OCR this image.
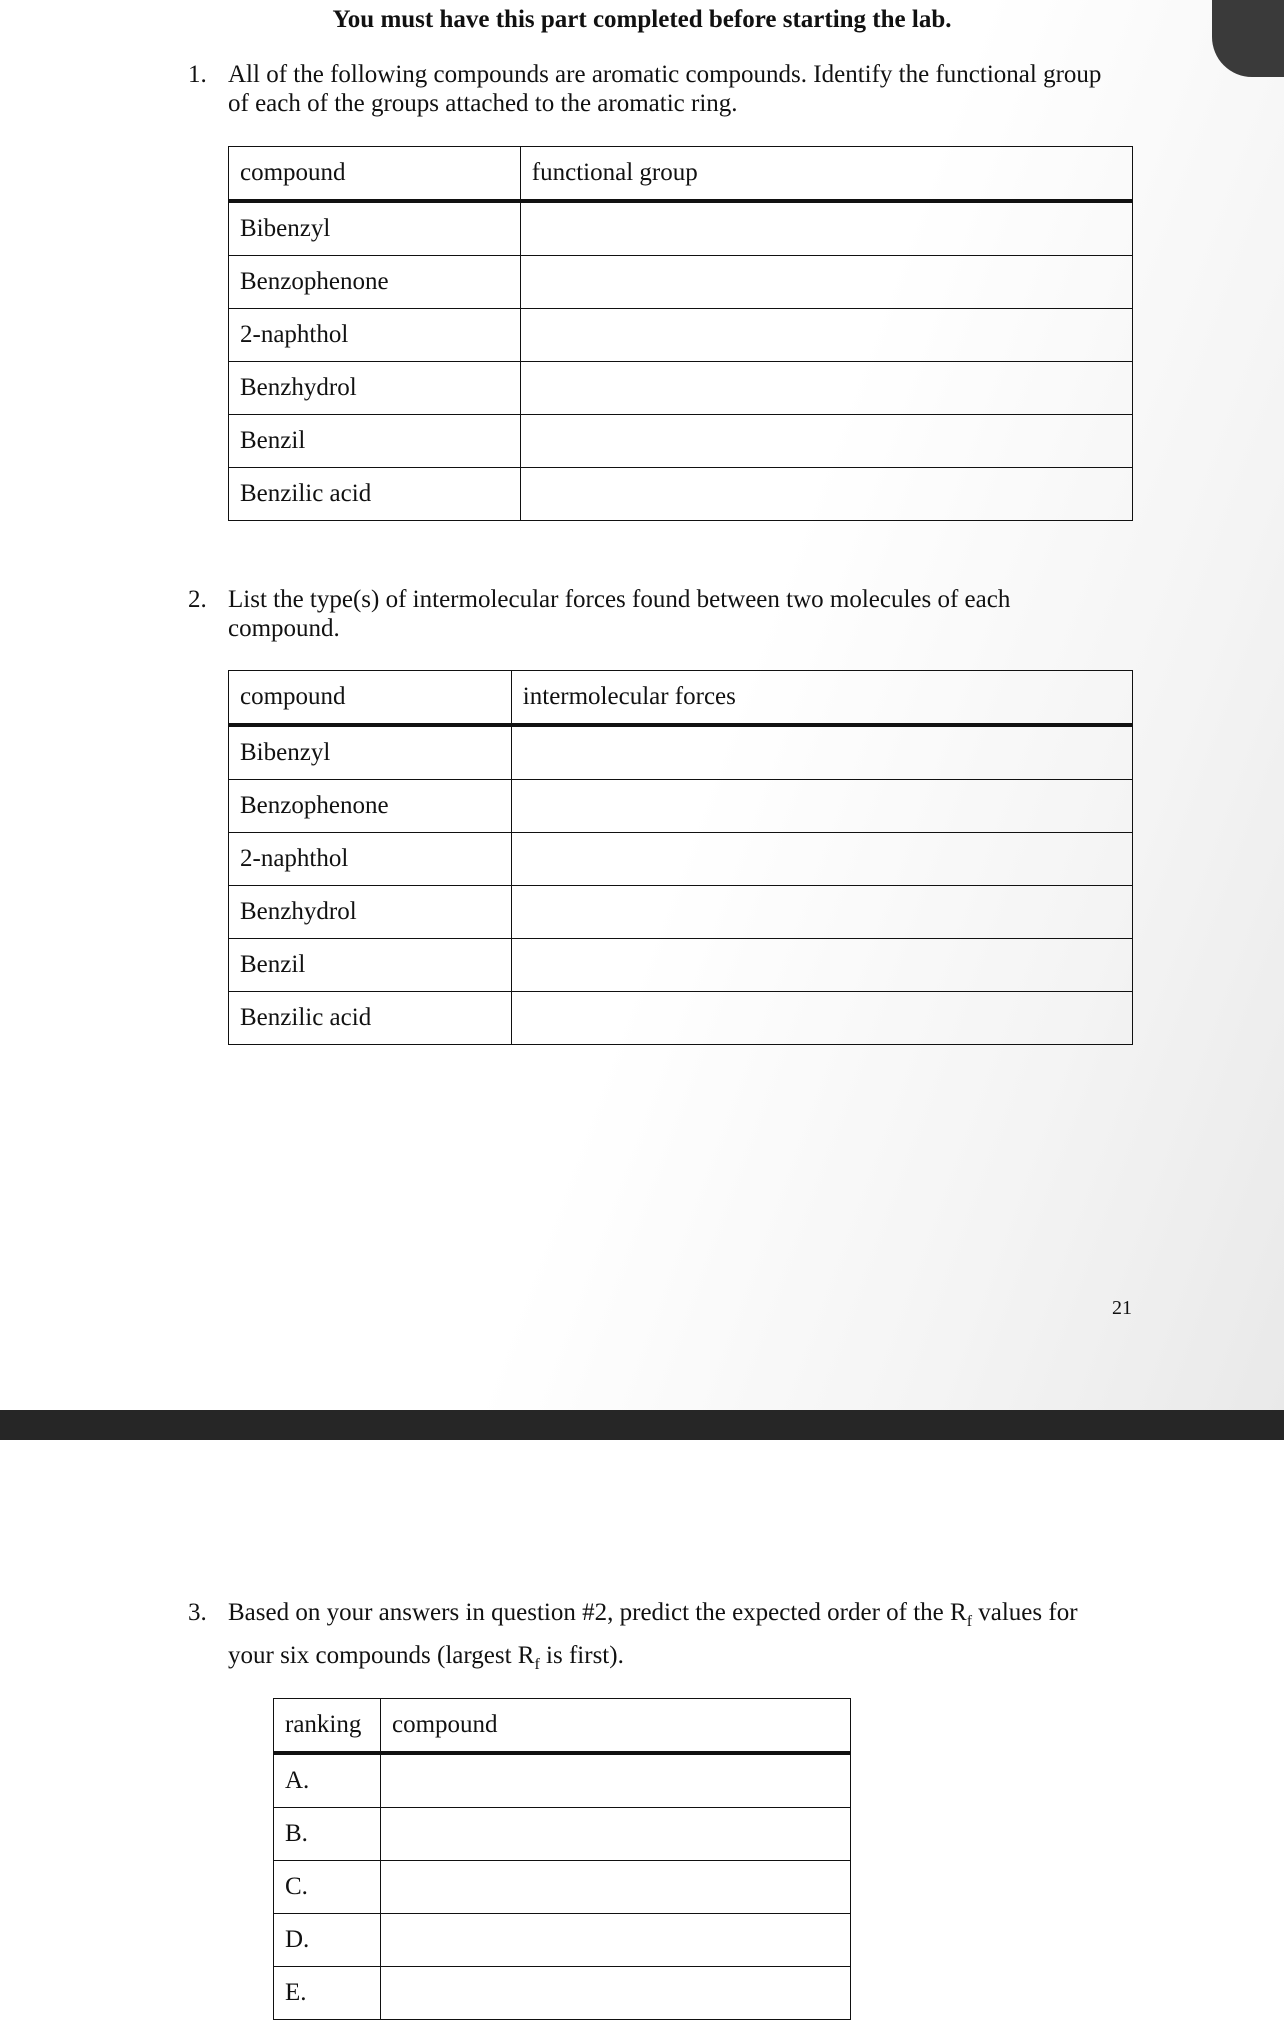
You must have this part completed before starting the lab.
1. All of the following compounds are aromatic compounds. Identify the functional group of each of the groups attached to the aromatic ring.
compound	functional group
Bibenzyl	
Benzophenone	
2-naphthol	
Benzhydrol	
Benzil	
Benzilic acid	
2. List the type(s) of intermolecular forces found between two molecules of each compound.
compound	intermolecular forces
Bibenzyl	
Benzophenone	
2-naphthol	
Benzhydrol	
Benzil	
Benzilic acid	
21
3. Based on your answers in question #2, predict the expected order of the $R_f$ values for
your six compounds (largest $R_f$ is first).
ranking	compound
A.	
B.	
C.	
D.	
E.	
